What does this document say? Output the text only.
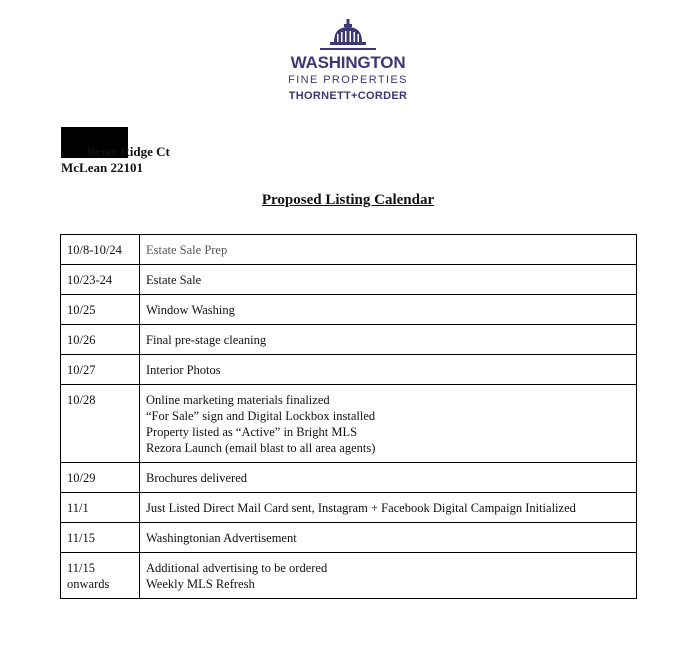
WASHINGTON
FINE PROPERTIES
THORNETT+CORDER
Briar Ridge Ct
McLean 22101
Proposed Listing Calendar
10/8-10/24	Estate Sale Prep

10/23-24	Estate Sale

10/25	Window Washing

10/26	Final pre-stage cleaning

10/27	Interior Photos

10/28	Online marketing materials finalized
“For Sale” sign and Digital Lockbox installed
Property listed as “Active” in Bright MLS
Rezora Launch (email blast to all area agents)

10/29	Brochures delivered

11/1	Just Listed Direct Mail Card sent, Instagram + Facebook Digital Campaign Initialized

11/15	Washingtonian Advertisement

11/15
onwards	Additional advertising to be ordered
Weekly MLS Refresh
